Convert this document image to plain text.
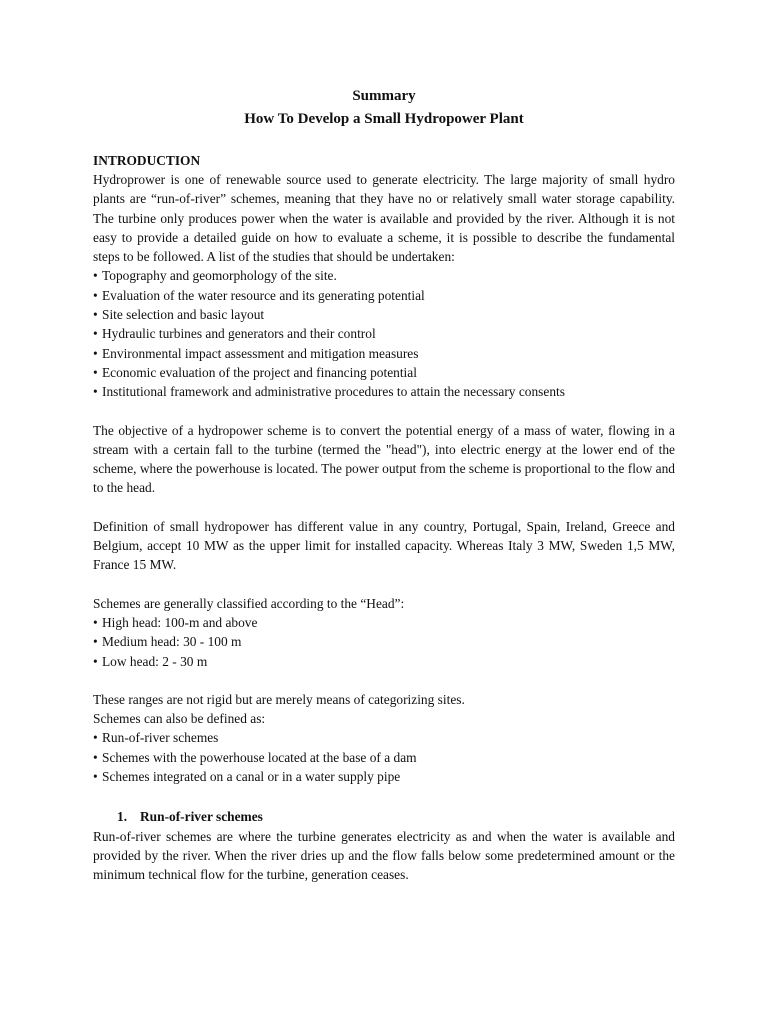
Summary
How To Develop a Small Hydropower Plant
INTRODUCTION

Hydroprower is one of renewable source used to generate electricity. The large majority of small hydro plants are “run-of-river” schemes, meaning that they have no or relatively small water storage capability. The turbine only produces power when the water is available and provided by the river. Although it is not easy to provide a detailed guide on how to evaluate a scheme, it is possible to describe the fundamental steps to be followed. A list of the studies that should be undertaken:

• Topography and geomorphology of the site.
• Evaluation of the water resource and its generating potential
• Site selection and basic layout
• Hydraulic turbines and generators and their control
• Environmental impact assessment and mitigation measures
• Economic evaluation of the project and financing potential
• Institutional framework and administrative procedures to attain the necessary consents

The objective of a hydropower scheme is to convert the potential energy of a mass of water, flowing in a stream with a certain fall to the turbine (termed the "head"), into electric energy at the lower end of the scheme, where the powerhouse is located. The power output from the scheme is proportional to the flow and to the head.

Definition of small hydropower has different value in any country, Portugal, Spain, Ireland, Greece and Belgium, accept 10 MW as the upper limit for installed capacity. Whereas Italy 3 MW, Sweden 1,5 MW, France 15 MW.

Schemes are generally classified according to the “Head”:

• High head: 100-m and above
• Medium head: 30 - 100 m
• Low head: 2 - 30 m

These ranges are not rigid but are merely means of categorizing sites.

Schemes can also be defined as:

• Run-of-river schemes
• Schemes with the powerhouse located at the base of a dam
• Schemes integrated on a canal or in a water supply pipe
1. Run-of-river schemes

Run-of-river schemes are where the turbine generates electricity as and when the water is available and provided by the river. When the river dries up and the flow falls below some predetermined amount or the minimum technical flow for the turbine, generation ceases.
